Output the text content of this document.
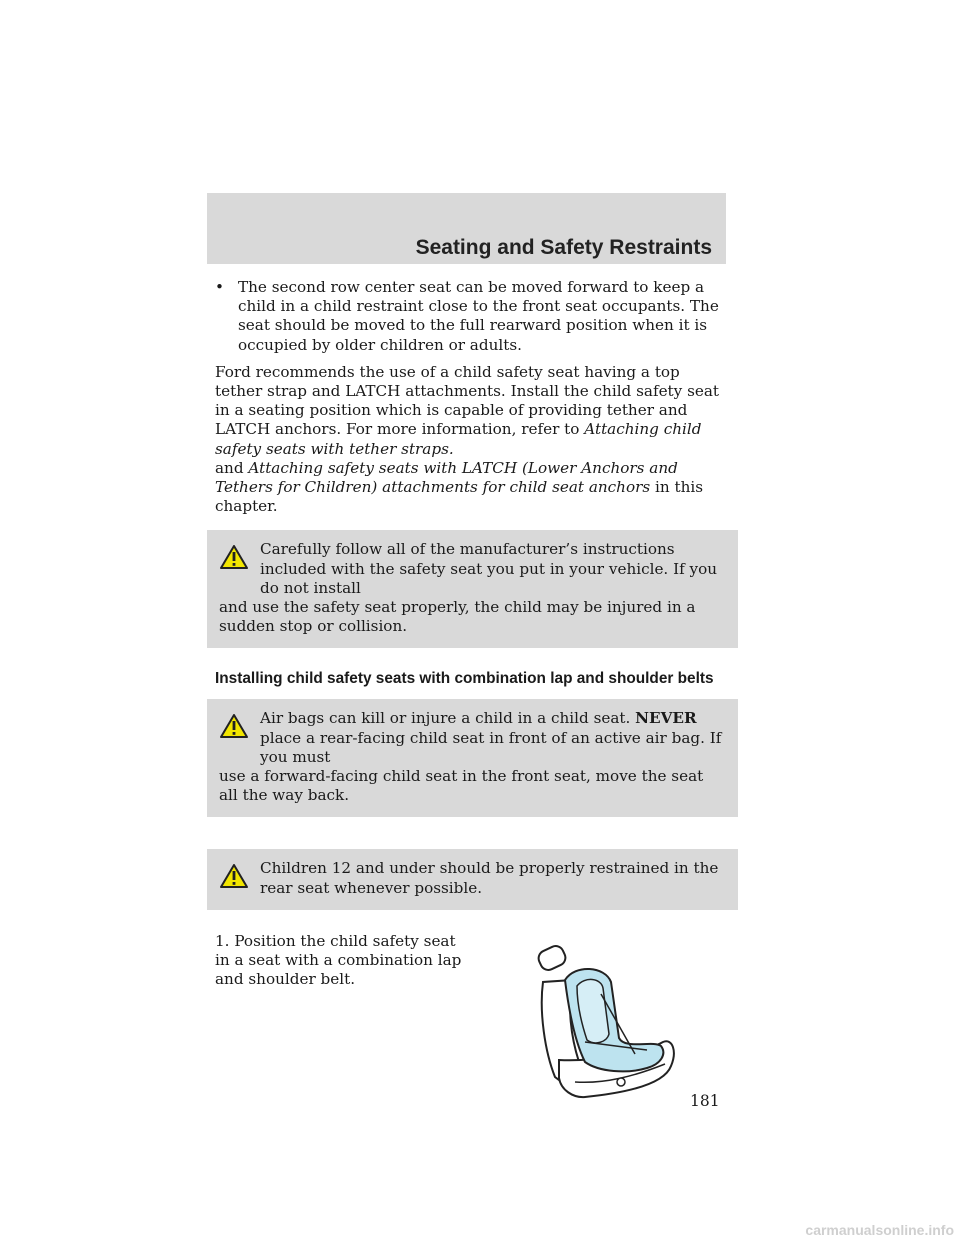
Seating and Safety Restraints
• The second row center seat can be moved forward to keep a child in a child restraint close to the front seat occupants. The seat should be moved to the full rearward position when it is occupied by older children or adults.

Ford recommends the use of a child safety seat having a top tether strap and LATCH attachments. Install the child safety seat in a seating position which is capable of providing tether and LATCH anchors. For more information, refer to Attaching child safety seats with tether straps.
and Attaching safety seats with LATCH (Lower Anchors and Tethers for Children) attachments for child seat anchors in this chapter.

Carefully follow all of the manufacturer’s instructions included with the safety seat you put in your vehicle. If you do not install
and use the safety seat properly, the child may be injured in a sudden stop or collision.
Installing child safety seats with combination lap and shoulder belts
Air bags can kill or injure a child in a child seat. NEVER place a rear-facing child seat in front of an active air bag. If you must
use a forward-facing child seat in the front seat, move the seat all the way back.
Children 12 and under should be properly restrained in the rear seat whenever possible.
1. Position the child safety seat in a seat with a combination lap and shoulder belt.
181
carmanualsonline.info
